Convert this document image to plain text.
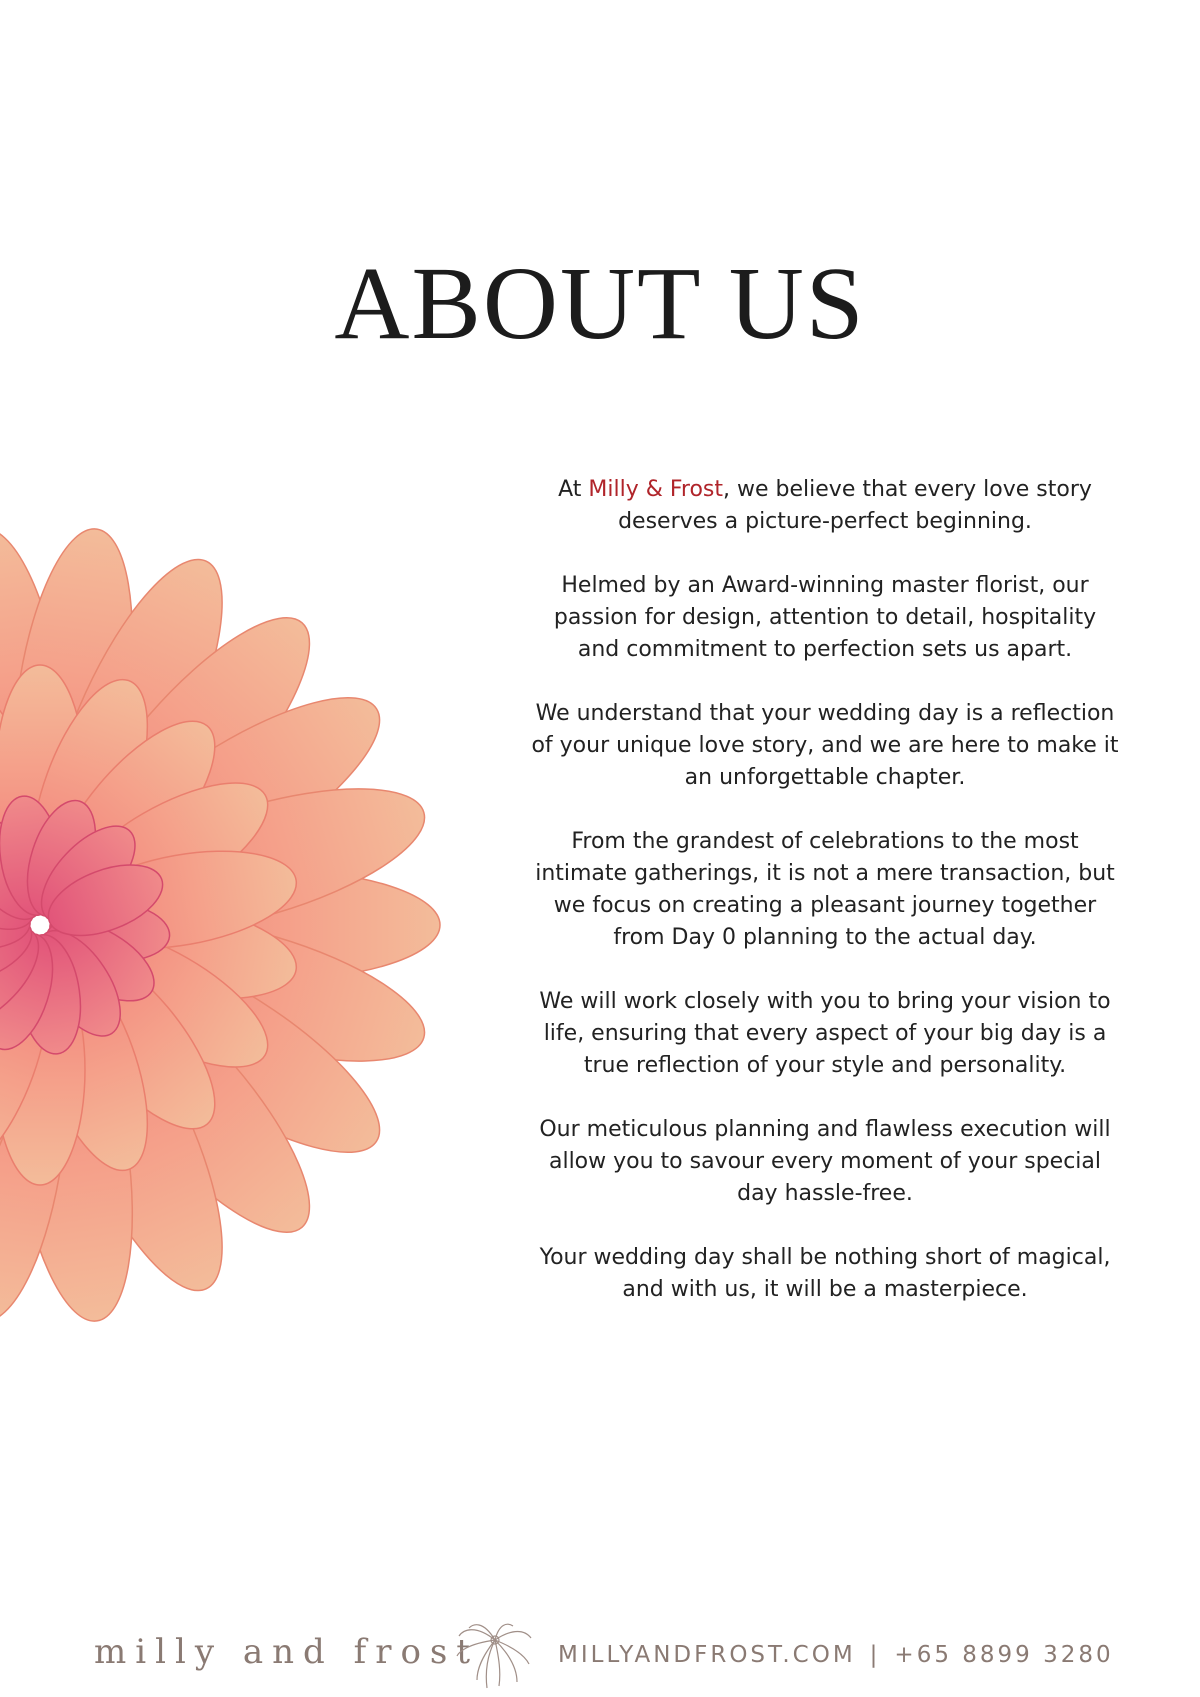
ABOUT US

At Milly & Frost, we believe that every love story deserves a picture-perfect beginning.

Helmed by an Award-winning master florist, our passion for design, attention to detail, hospitality and commitment to perfection sets us apart.

We understand that your wedding day is a reflection of your unique love story, and we are here to make it an unforgettable chapter.

From the grandest of celebrations to the most intimate gatherings, it is not a mere transaction, but we focus on creating a pleasant journey together from Day 0 planning to the actual day.

We will work closely with you to bring your vision to life, ensuring that every aspect of your big day is a true reflection of your style and personality.

Our meticulous planning and flawless execution will allow you to savour every moment of your special day hassle-free.

Your wedding day shall be nothing short of magical, and with us, it will be a masterpiece.

milly and frost	MILLYANDFROST.COM | +65 8899 3280
